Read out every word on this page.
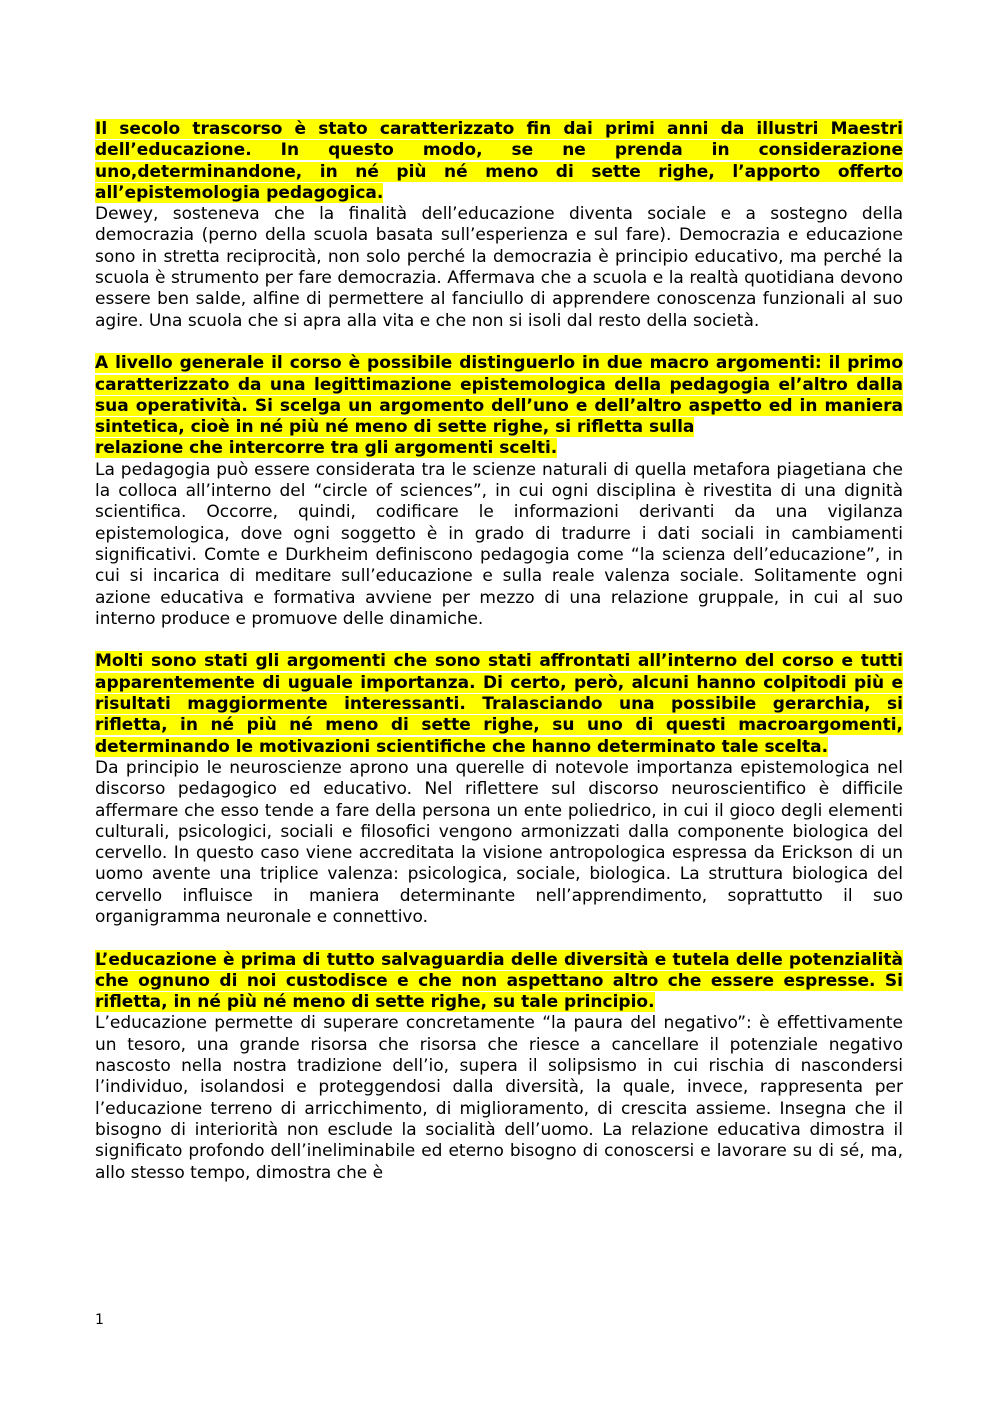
Il secolo trascorso è stato caratterizzato fin dai primi anni da illustri Maestri dell’educazione. In questo modo, se ne prenda in considerazione uno,determinandone, in né più né meno di sette righe, l’apporto offerto all’epistemologia pedagogica.

Dewey, sosteneva che la finalità dell’educazione diventa sociale e a sostegno della democrazia (perno della scuola basata sull’esperienza e sul fare). Democrazia e educazione sono in stretta reciprocità, non solo perché la democrazia è principio educativo, ma perché la scuola è strumento per fare democrazia. Affermava che a scuola e la realtà quotidiana devono essere ben salde, alfine di permettere al fanciullo di apprendere conoscenza funzionali al suo agire. Una scuola che si apra alla vita e che non si isoli dal resto della società.

A livello generale il corso è possibile distinguerlo in due macro argomenti: il primo caratterizzato da una legittimazione epistemologica della pedagogia el’altro dalla sua operatività. Si scelga un argomento dell’uno e dell’altro aspetto ed in maniera sintetica, cioè in né più né meno di sette righe, si rifletta sulla
relazione che intercorre tra gli argomenti scelti.

La pedagogia può essere considerata tra le scienze naturali di quella metafora piagetiana che la colloca all’interno del “circle of sciences”, in cui ogni disciplina è rivestita di una dignità scientifica. Occorre, quindi, codificare le informazioni derivanti da una vigilanza epistemologica, dove ogni soggetto è in grado di tradurre i dati sociali in cambiamenti significativi. Comte e Durkheim definiscono pedagogia come “la scienza dell’educazione”, in cui si incarica di meditare sull’educazione e sulla reale valenza sociale. Solitamente ogni azione educativa e formativa avviene per mezzo di una relazione gruppale, in cui al suo interno produce e promuove delle dinamiche.

Molti sono stati gli argomenti che sono stati affrontati all’interno del corso e tutti apparentemente di uguale importanza. Di certo, però, alcuni hanno colpitodi più e risultati maggiormente interessanti. Tralasciando una possibile gerarchia, si rifletta, in né più né meno di sette righe, su uno di questi macroargomenti, determinando le motivazioni scientifiche che hanno determinato tale scelta.

Da principio le neuroscienze aprono una querelle di notevole importanza epistemologica nel discorso pedagogico ed educativo. Nel riflettere sul discorso neuroscientifico è difficile affermare che esso tende a fare della persona un ente poliedrico, in cui il gioco degli elementi culturali, psicologici, sociali e filosofici vengono armonizzati dalla componente biologica del cervello. In questo caso viene accreditata la visione antropologica espressa da Erickson di un uomo avente una triplice valenza: psicologica, sociale, biologica. La struttura biologica del cervello influisce in maniera determinante nell’apprendimento, soprattutto il suo organigramma neuronale e connettivo.

L’educazione è prima di tutto salvaguardia delle diversità e tutela delle potenzialità che ognuno di noi custodisce e che non aspettano altro che essere espresse. Si rifletta, in né più né meno di sette righe, su tale principio.

L’educazione permette di superare concretamente “la paura del negativo”: è effettivamente un tesoro, una grande risorsa che risorsa che riesce a cancellare il potenziale negativo nascosto nella nostra tradizione dell’io, supera il solipsismo in cui rischia di nascondersi l’individuo, isolandosi e proteggendosi dalla diversità, la quale, invece, rappresenta per l’educazione terreno di arricchimento, di miglioramento, di crescita assieme. Insegna che il bisogno di interiorità non esclude la socialità dell’uomo. La relazione educativa dimostra il significato profondo dell’ineliminabile ed eterno bisogno di conoscersi e lavorare su di sé, ma, allo stesso tempo, dimostra che è

1
